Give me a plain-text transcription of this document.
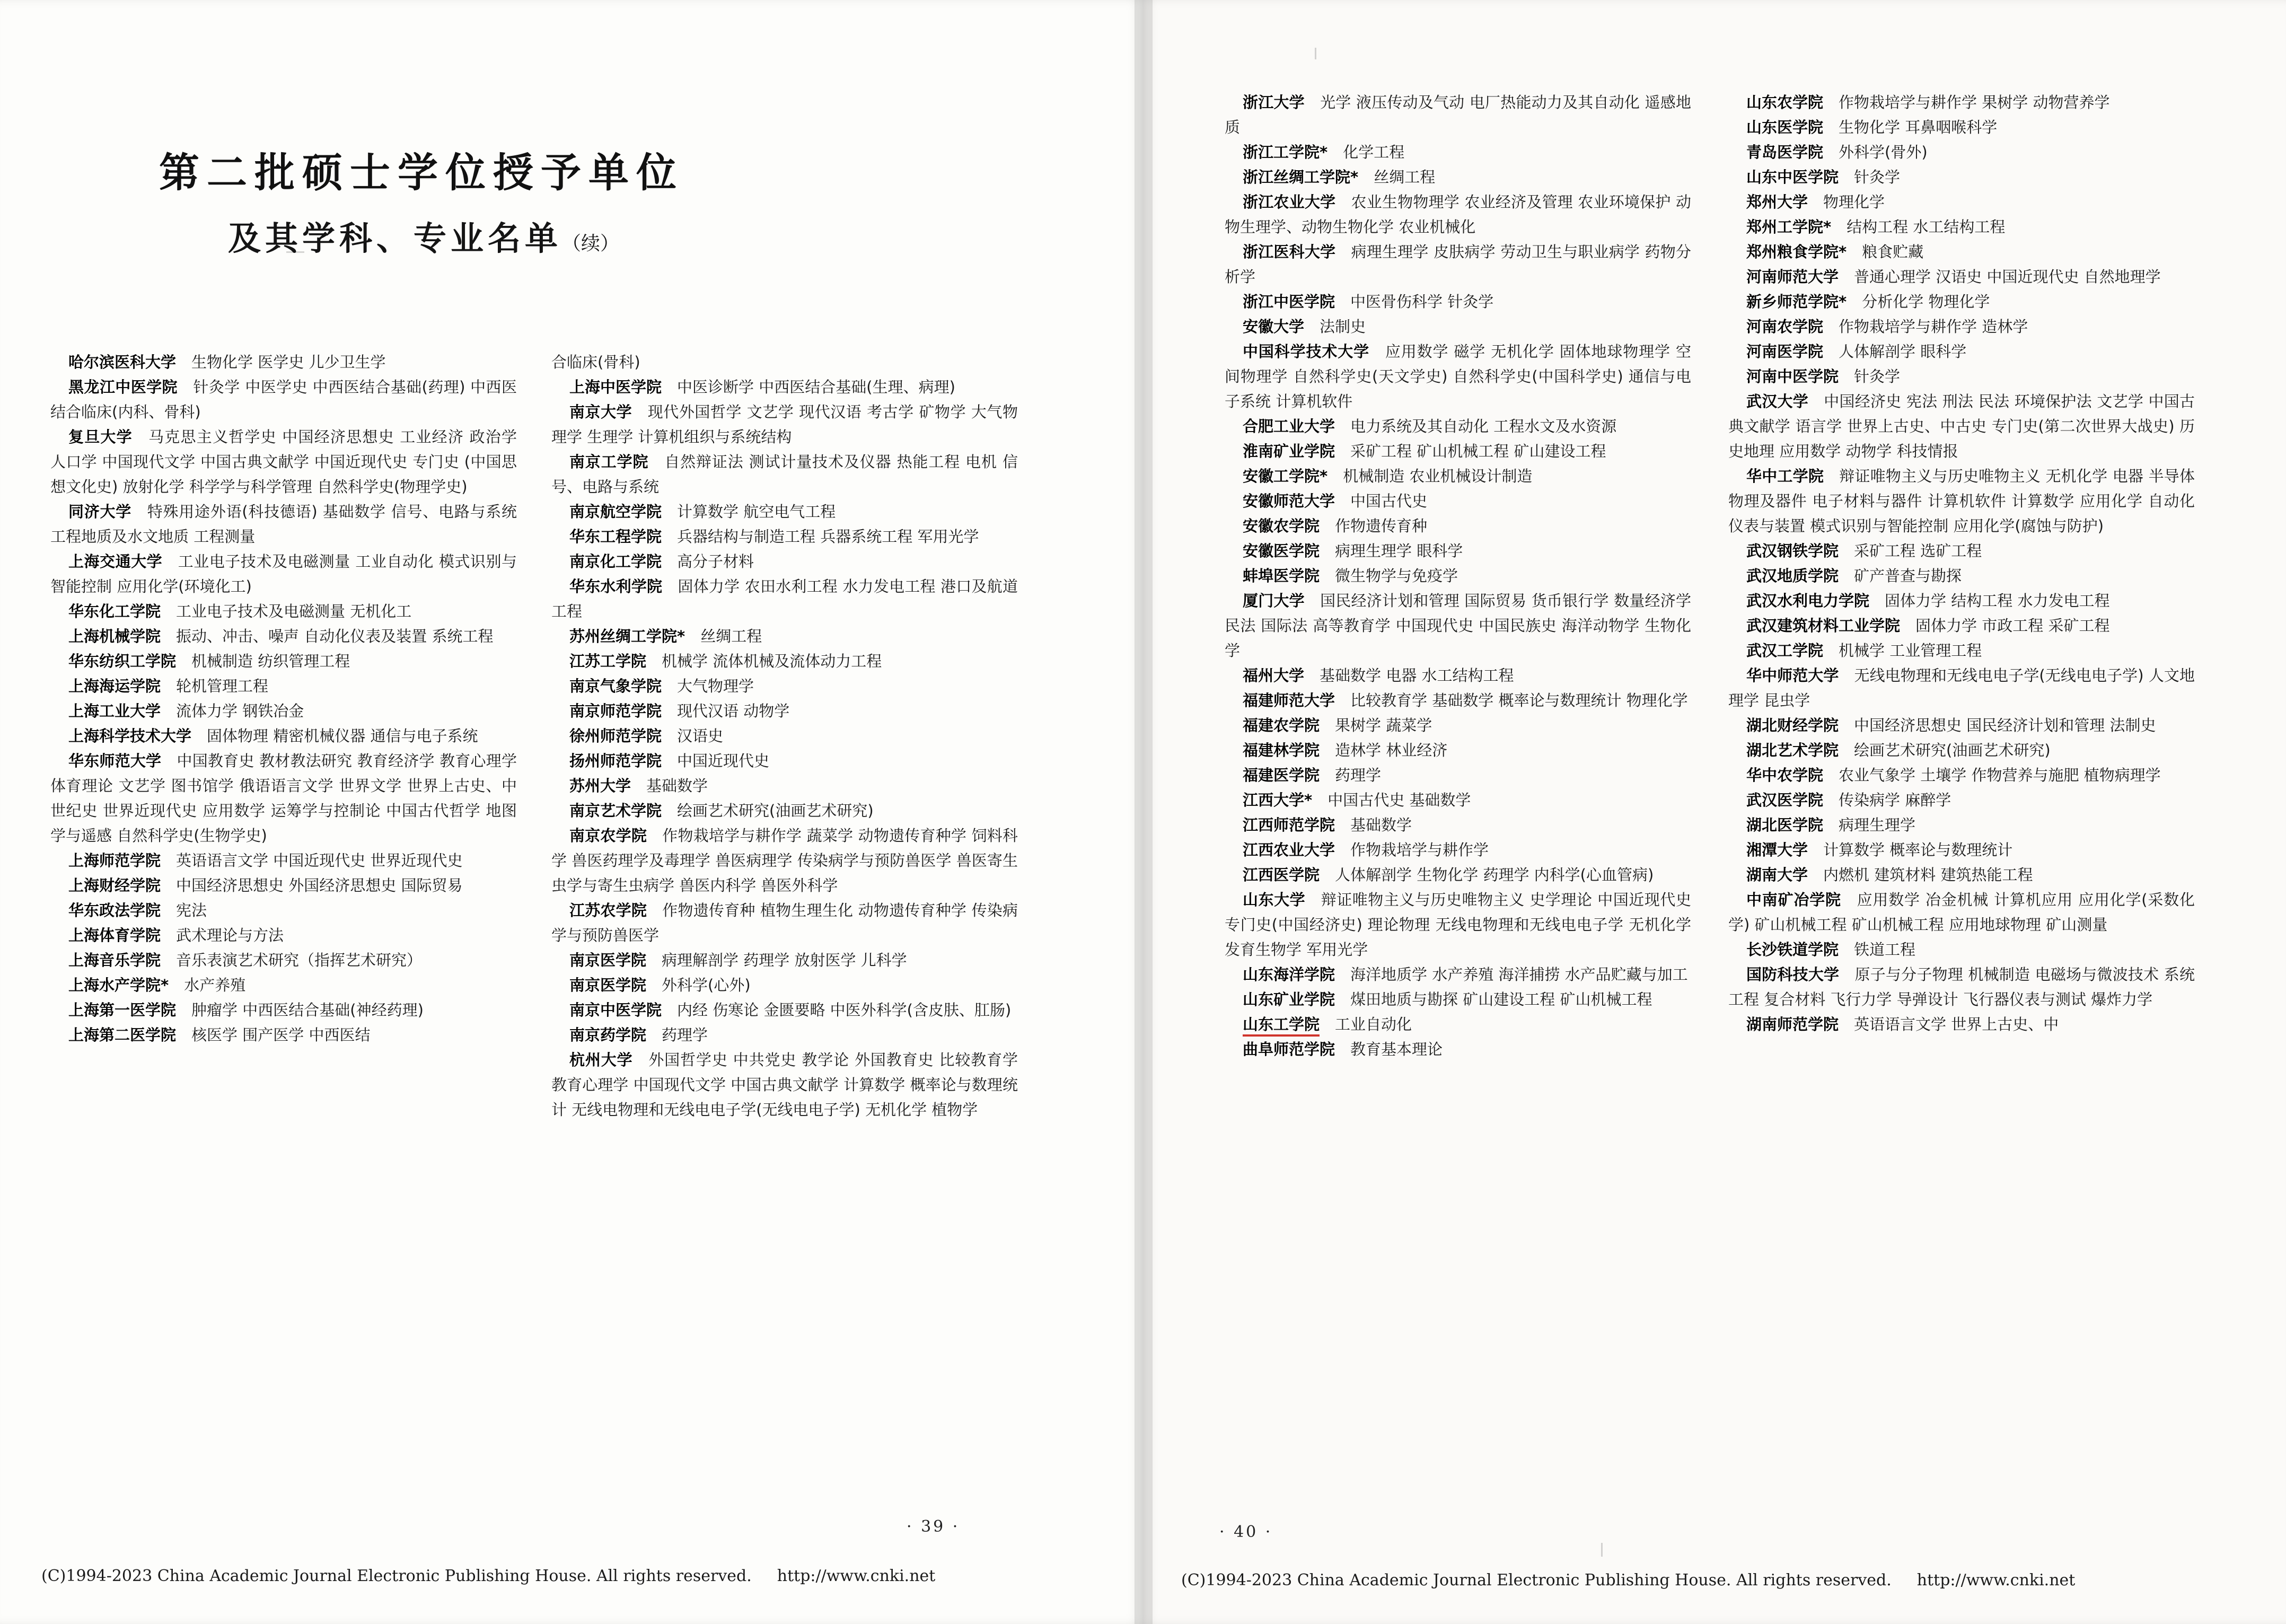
第二批硕士学位授予单位
及其学科、专业名单（续）

哈尔滨医科大学　 生物化学 医学史 儿少卫生学

黑龙江中医学院　 针灸学 中医学史 中西医结合基础(药理) 中西医结合临床(内科、骨科)

复旦大学　 马克思主义哲学史 中国经济思想史 工业经济 政治学 人口学 中国现代文学 中国古典文献学 中国近现代史 专门史 (中国思想文化史) 放射化学 科学学与科学管理 自然科学史(物理学史)

同济大学　 特殊用途外语(科技德语) 基础数学 信号、电路与系统 工程地质及水文地质 工程测量

上海交通大学　 工业电子技术及电磁测量 工业自动化 模式识别与智能控制 应用化学(环境化工)

华东化工学院　 工业电子技术及电磁测量 无机化工

上海机械学院　 振动、冲击、噪声 自动化仪表及装置 系统工程

华东纺织工学院　 机械制造 纺织管理工程

上海海运学院　 轮机管理工程

上海工业大学　 流体力学 钢铁冶金

上海科学技术大学　 固体物理 精密机械仪器 通信与电子系统

华东师范大学　 中国教育史 教材教法研究 教育经济学 教育心理学 体育理论 文艺学 图书馆学 俄语语言文学 世界文学 世界上古史、中世纪史 世界近现代史 应用数学 运筹学与控制论 中国古代哲学 地图学与遥感 自然科学史(生物学史)

上海师范学院　 英语语言文学 中国近现代史 世界近现代史

上海财经学院　 中国经济思想史 外国经济思想史 国际贸易

华东政法学院　 宪法

上海体育学院　 武术理论与方法

上海音乐学院　 音乐表演艺术研究（指挥艺术研究）

上海水产学院*　 水产养殖

上海第一医学院　 肿瘤学 中西医结合基础(神经药理)

上海第二医学院　 核医学 围产医学 中西医结

合临床(骨科)

上海中医学院　 中医诊断学 中西医结合基础(生理、病理)

南京大学　 现代外国哲学 文艺学 现代汉语 考古学 矿物学 大气物理学 生理学 计算机组织与系统结构

南京工学院　 自然辩证法 测试计量技术及仪器 热能工程 电机 信号、电路与系统

南京航空学院　 计算数学 航空电气工程

华东工程学院　 兵器结构与制造工程 兵器系统工程 军用光学

南京化工学院　 高分子材料

华东水利学院　 固体力学 农田水利工程 水力发电工程 港口及航道工程

苏州丝绸工学院*　 丝绸工程

江苏工学院　 机械学 流体机械及流体动力工程

南京气象学院　 大气物理学

南京师范学院　 现代汉语 动物学

徐州师范学院　 汉语史

扬州师范学院　 中国近现代史

苏州大学　 基础数学

南京艺术学院　 绘画艺术研究(油画艺术研究)

南京农学院　 作物栽培学与耕作学 蔬菜学 动物遗传育种学 饲料科学 兽医药理学及毒理学 兽医病理学 传染病学与预防兽医学 兽医寄生虫学与寄生虫病学 兽医内科学 兽医外科学

江苏农学院　 作物遗传育种 植物生理生化 动物遗传育种学 传染病学与预防兽医学

南京医学院　 病理解剖学 药理学 放射医学 儿科学

南京医学院　 外科学(心外)

南京中医学院　 内经 伤寒论 金匮要略 中医外科学(含皮肤、肛肠)

南京药学院　 药理学

杭州大学　 外国哲学史 中共党史 教学论 外国教育史 比较教育学 教育心理学 中国现代文学 中国古典文献学 计算数学 概率论与数理统计 无线电物理和无线电电子学(无线电电子学) 无机化学 植物学

浙江大学　 光学 液压传动及气动 电厂热能动力及其自动化 遥感地质

浙江工学院*　 化学工程

浙江丝绸工学院*　 丝绸工程

浙江农业大学　 农业生物物理学 农业经济及管理 农业环境保护 动物生理学、动物生物化学 农业机械化

浙江医科大学　 病理生理学 皮肤病学 劳动卫生与职业病学 药物分析学

浙江中医学院　 中医骨伤科学 针灸学

安徽大学　 法制史

中国科学技术大学　 应用数学 磁学 无机化学 固体地球物理学 空间物理学 自然科学史(天文学史) 自然科学史(中国科学史) 通信与电子系统 计算机软件

合肥工业大学　 电力系统及其自动化 工程水文及水资源

淮南矿业学院　 采矿工程 矿山机械工程 矿山建设工程

安徽工学院*　 机械制造 农业机械设计制造

安徽师范大学　 中国古代史

安徽农学院　 作物遗传育种

安徽医学院　 病理生理学 眼科学

蚌埠医学院　 微生物学与免疫学

厦门大学　 国民经济计划和管理 国际贸易 货币银行学 数量经济学 民法 国际法 高等教育学 中国现代史 中国民族史 海洋动物学 生物化学

福州大学　 基础数学 电器 水工结构工程

福建师范大学　 比较教育学 基础数学 概率论与数理统计 物理化学

福建农学院　 果树学 蔬菜学

福建林学院　 造林学 林业经济

福建医学院　 药理学

江西大学*　 中国古代史 基础数学

江西师范学院　 基础数学

江西农业大学　 作物栽培学与耕作学

江西医学院　 人体解剖学 生物化学 药理学 内科学(心血管病)

山东大学　 辩证唯物主义与历史唯物主义 史学理论 中国近现代史 专门史(中国经济史) 理论物理 无线电物理和无线电电子学 无机化学 发育生物学 军用光学

山东海洋学院　 海洋地质学 水产养殖 海洋捕捞 水产品贮藏与加工

山东矿业学院　 煤田地质与勘探 矿山建设工程 矿山机械工程

山东工学院　 工业自动化

曲阜师范学院　 教育基本理论

山东农学院　 作物栽培学与耕作学 果树学 动物营养学

山东医学院　 生物化学 耳鼻咽喉科学

青岛医学院　 外科学(骨外)

山东中医学院　 针灸学

郑州大学　 物理化学

郑州工学院*　 结构工程 水工结构工程

郑州粮食学院*　 粮食贮藏

河南师范大学　 普通心理学 汉语史 中国近现代史 自然地理学

新乡师范学院*　 分析化学 物理化学

河南农学院　 作物栽培学与耕作学 造林学

河南医学院　 人体解剖学 眼科学

河南中医学院　 针灸学

武汉大学　 中国经济史 宪法 刑法 民法 环境保护法 文艺学 中国古典文献学 语言学 世界上古史、中古史 专门史(第二次世界大战史) 历史地理 应用数学 动物学 科技情报

华中工学院　 辩证唯物主义与历史唯物主义 无机化学 电器 半导体物理及器件 电子材料与器件 计算机软件 计算数学 应用化学 自动化仪表与装置 模式识别与智能控制 应用化学(腐蚀与防护)

武汉钢铁学院　 采矿工程 选矿工程

武汉地质学院　 矿产普查与勘探

武汉水利电力学院　 固体力学 结构工程 水力发电工程

武汉建筑材料工业学院　 固体力学 市政工程 采矿工程

武汉工学院　 机械学 工业管理工程

华中师范大学　 无线电物理和无线电电子学(无线电电子学) 人文地理学 昆虫学

湖北财经学院　 中国经济思想史 国民经济计划和管理 法制史

湖北艺术学院　 绘画艺术研究(油画艺术研究)

华中农学院　 农业气象学 土壤学 作物营养与施肥 植物病理学

武汉医学院　 传染病学 麻醉学

湖北医学院　 病理生理学

湘潭大学　 计算数学 概率论与数理统计

湖南大学　 内燃机 建筑材料 建筑热能工程

中南矿冶学院　 应用数学 冶金机械 计算机应用 应用化学(采数化学) 矿山机械工程 矿山机械工程 应用地球物理 矿山测量

长沙铁道学院　 铁道工程

国防科技大学　 原子与分子物理 机械制造 电磁场与微波技术 系统工程 复合材料 飞行力学 导弹设计 飞行器仪表与测试 爆炸力学

湖南师范学院　 英语语言文学 世界上古史、中

· 39 ·	· 40 ·
(C)1994-2023 China Academic Journal Electronic Publishing House. All rights reserved. http://www.cnki.net	(C)1994-2023 China Academic Journal Electronic Publishing House. All rights reserved. http://www.cnki.net
